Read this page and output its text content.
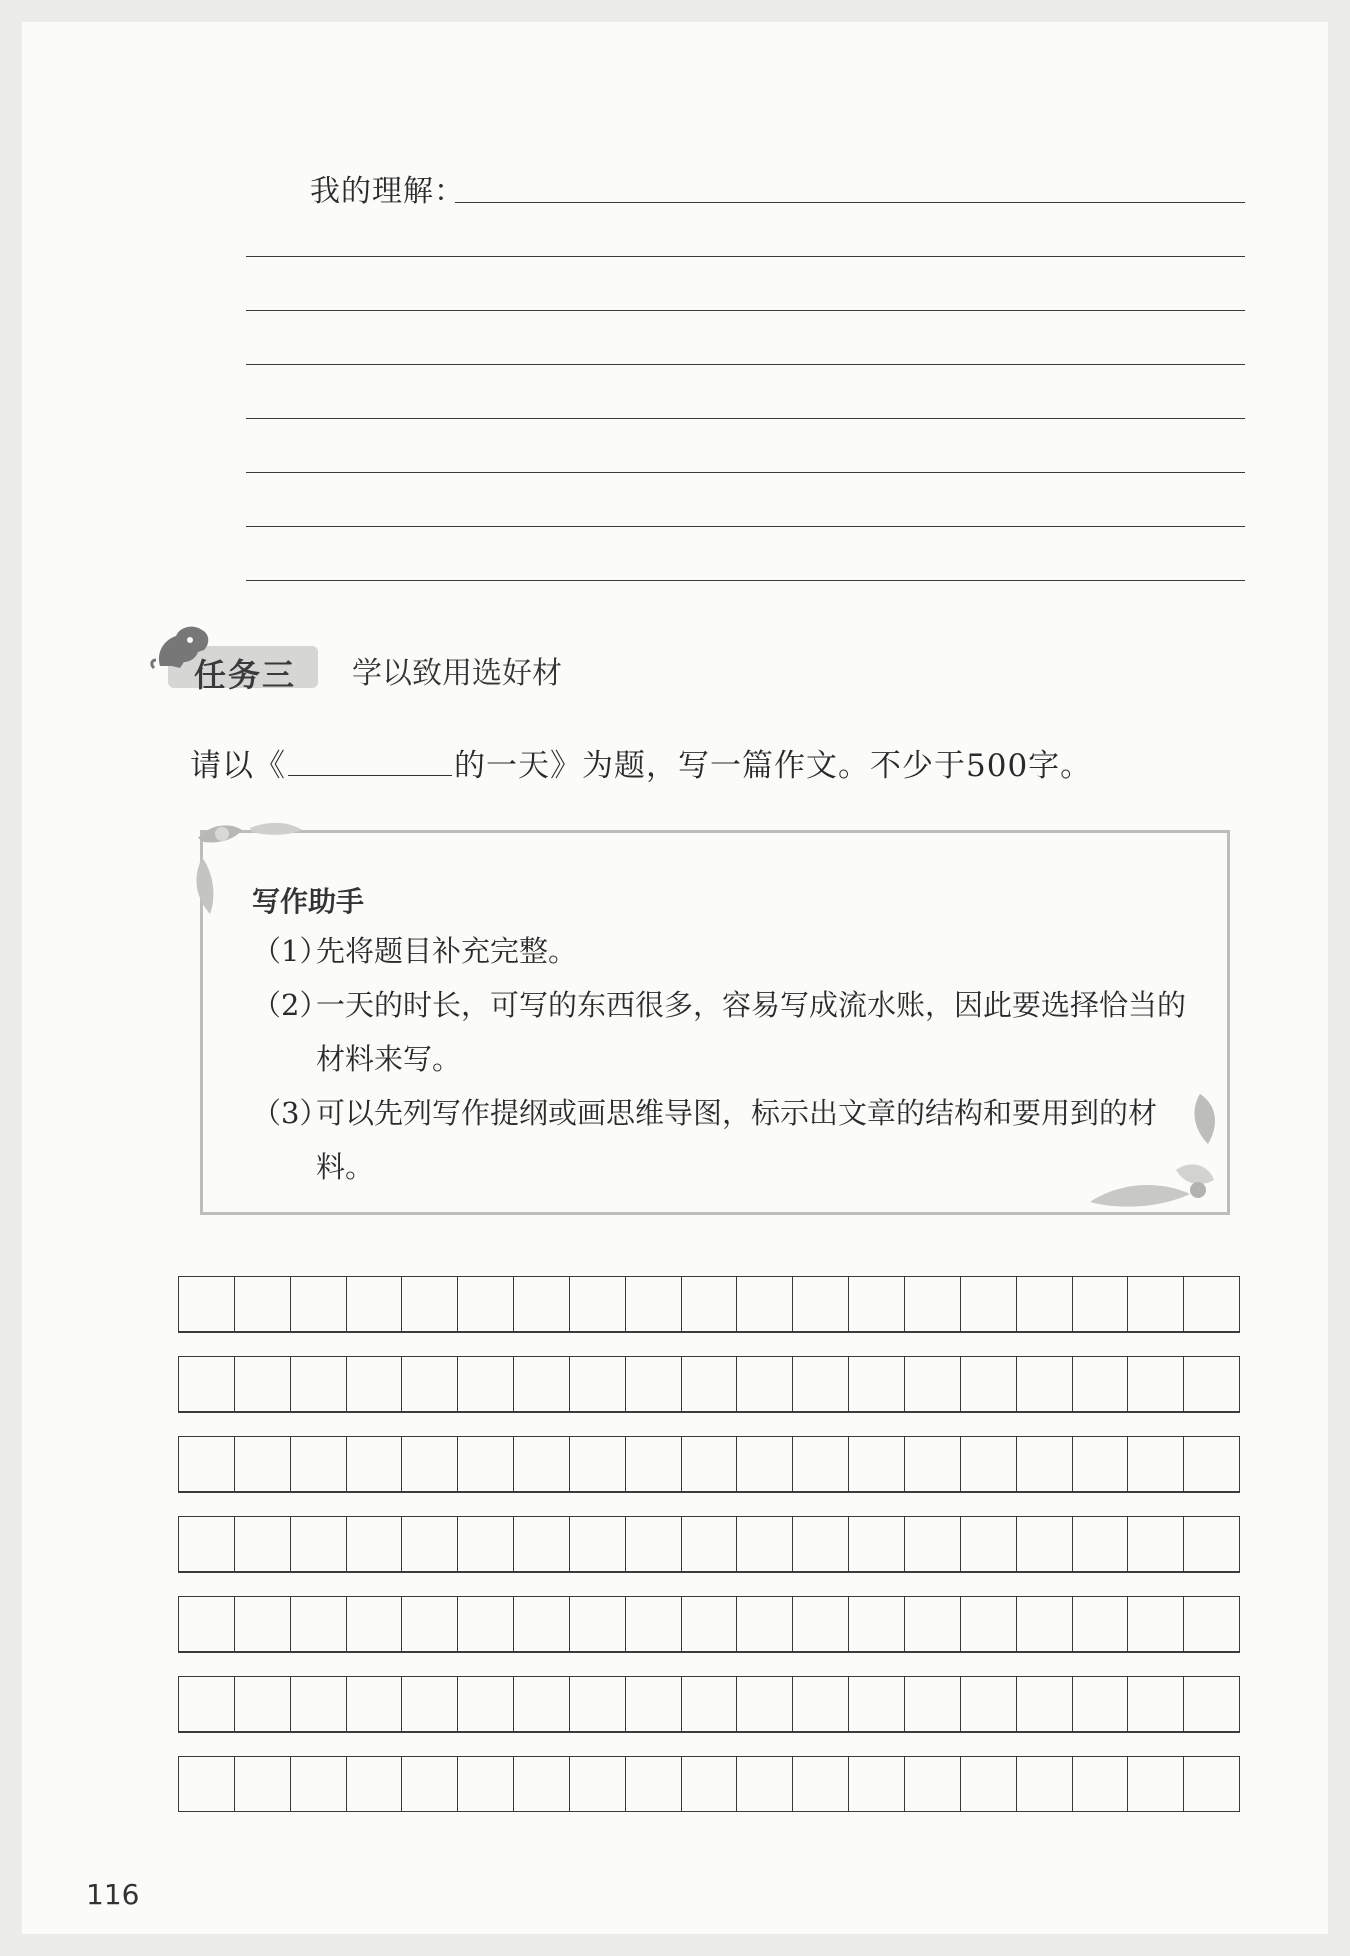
我的理解：
任务三 学以致用选好材
请以《	的一天》为题，写一篇作文。不少于500字。
写作助手
（1）
先将题目补充完整。
（2）
一天的时长，可写的东西很多，容易写成流水账，因此要选择恰当的材料来写。
（3）
可以先列写作提纲或画思维导图，标示出文章的结构和要用到的材料。
116
